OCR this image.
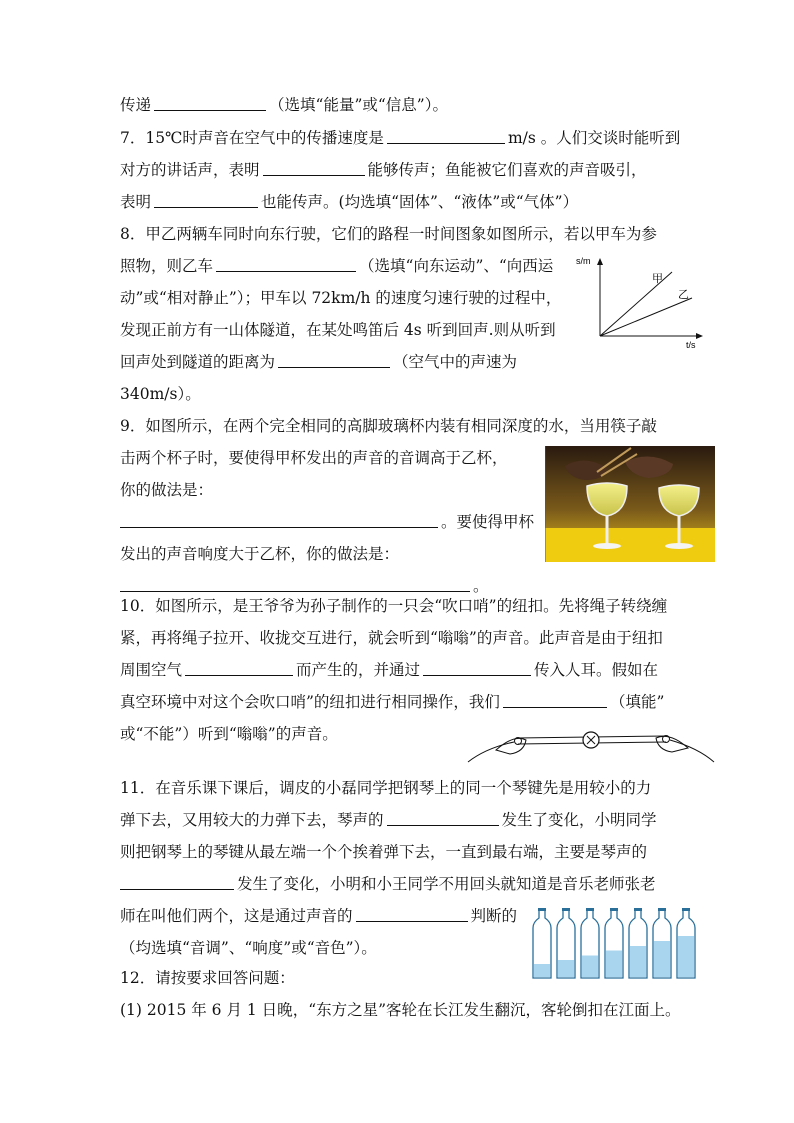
传递	（选填“能量”或“信息”）。
7．15℃时声音在空气中的传播速度是	m/s 。人们交谈时能听到
对方的讲话声，表明	能够传声；鱼能被它们喜欢的声音吸引，
表明	也能传声。(均选填“固体”、“液体”或“气体”）
8．甲乙两辆车同时向东行驶，它们的路程一时间图象如图所示，若以甲车为参
照物，则乙车	（选填“向东运动”、“向西运
动”或“相对静止”）；甲车以 72km/h 的速度匀速行驶的过程中，
发现正前方有一山体隧道，在某处鸣笛后 4s 听到回声.则从听到
回声处到隧道的距离为	（空气中的声速为
340m/s）。
s/m
t/s
甲
乙
9．如图所示，在两个完全相同的高脚玻璃杯内装有相同深度的水，当用筷子敲
击两个杯子时，要使得甲杯发出的声音的音调高于乙杯，
你的做法是：
。要使得甲杯
发出的声音响度大于乙杯，你的做法是：
。
10．如图所示，是王爷爷为孙子制作的一只会“吹口哨”的纽扣。先将绳子转绕缠
紧，再将绳子拉开、收拢交互进行，就会听到“嗡嗡”的声音。此声音是由于纽扣
周围空气	而产生的，并通过	传入人耳。假如在
真空环境中对这个会吹口哨”的纽扣进行相同操作，我们	（填能”
或“不能”）听到“嗡嗡”的声音。
11．在音乐课下课后，调皮的小磊同学把钢琴上的同一个琴键先是用较小的力
弹下去，又用较大的力弹下去，琴声的	发生了变化，小明同学
则把钢琴上的琴键从最左端一个个挨着弹下去，一直到最右端，主要是琴声的
发生了变化，小明和小王同学不用回头就知道是音乐老师张老
师在叫他们两个，这是通过声音的	判断的
（均选填“音调”、“响度”或“音色”）。
12．请按要求回答问题：
(1) 2015 年 6 月 1 日晚，“东方之星”客轮在长江发生翻沉，客轮倒扣在江面上。
